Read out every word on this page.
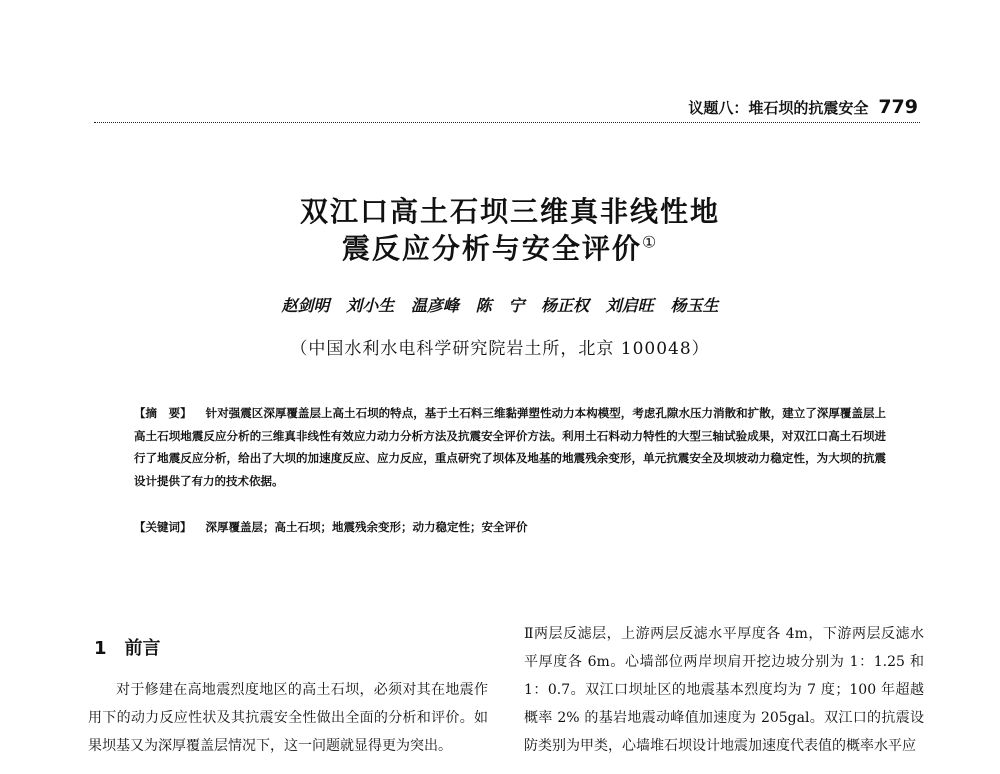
议题八：堆石坝的抗震安全 779
双江口高土石坝三维真非线性地
震反应分析与安全评价①
赵剑明   刘小生   温彦峰   陈   宁   杨正权   刘启旺   杨玉生
（中国水利水电科学研究院岩土所，北京 100048）
【摘　要】 针对强震区深厚覆盖层上高土石坝的特点，基于土石料三维黏弹塑性动力本构模型，考虑孔隙水压力消散和扩散，建立了深厚覆盖层上高土石坝地震反应分析的三维真非线性有效应力动力分析方法及抗震安全评价方法。利用土石料动力特性的大型三轴试验成果，对双江口高土石坝进行了地震反应分析，给出了大坝的加速度反应、应力反应，重点研究了坝体及地基的地震残余变形，单元抗震安全及坝坡动力稳定性，为大坝的抗震设计提供了有力的技术依据。
【关键词】 深厚覆盖层；高土石坝；地震残余变形；动力稳定性；安全评价
1 前言
对于修建在高地震烈度地区的高土石坝，必须对其在地震作用下的动力反应性状及其抗震安全性做出全面的分析和评价。如果坝基又为深厚覆盖层情况下，这一问题就显得更为突出。
Ⅱ两层反滤层，上游两层反滤水平厚度各 4m，下游两层反滤水平厚度各 6m。心墙部位两岸坝肩开挖边坡分别为 1：1.25 和 1：0.7。双江口坝址区的地震基本烈度均为 7 度；100 年超越概率 2% 的基岩地震动峰值加速度为 205gal。双江口的抗震设防类别为甲类，心墙堆石坝设计地震加速度代表值的概率水平应
